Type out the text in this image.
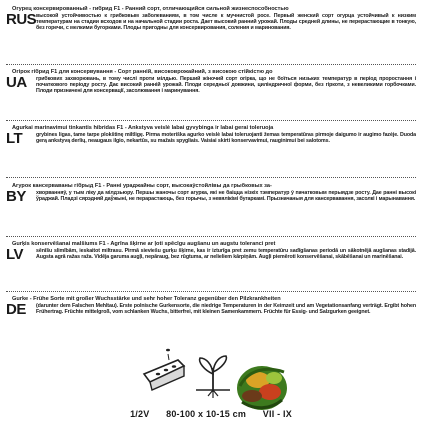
Огурец консервированный - гибрид F1 - Ранний сорт, отличающийся сильной жизнеспособностью
RUS высокой устойчивостью к грибковым заболеваниям, в том числе к мучнистой росе. Первый женский сорт огурца устойчивый к низким температурам на стадии всходов и на начальной стадии роста. Дает высокий ранний урожай. Плоды средней длины, не перерастающие в тонкую, без горечи, с мелкими бугорками. Плоды пригодны для консервирования, соления и маринования.
Огірок гібрид F1 для консервування - Сорт ранній, високоврожайний, з високою стійкістю до
UA	грибкових захворювань, в тому числі проти мілдью. Перший жіночий сорт огірка, що не боїться низьких температур в період проростання і початкового періоду росту. Дає високий ранній урожай. Плоди середньої довжини, циліндричної форми, без гіркоти, з невеликими горбочками. Плоди призначені для консервації, засолювання і маринування.
Agurkai marinavimui tinkantis hibridas F1 - Ankstyva veislė labai gyvybinga ir labai gerai toleruoja
LT	grybines ligas, tame tarpe plokštinę miltligę. Pirma moteriška agurko veislė labai toleruojanti žemas temperatūras pirmoje daigumo ir augimo fazėje. Duoda gerą ankstyvą derlių, neaugaus ilgio, nekartūs, su mažais spygliais. Vaisiai skirti konservavimui, rauginimui bei salotoms.
Агурок кансерваваны гібрыд F1 - Ранні ураджайны сорт, высокаўстойлівы да грыбковых за-
BY	хворванняў, у тым ліку да мілдзьюру. Першы жаночы сорт агурка, які не баіцца нізкіх тэмператур ў пачатковым перыядзе росту. Дае ранні высокі ўраджай. Пладзі сярэдняй даўжыні, не перарастаюць, без горычы, з невялікімі бугаркамі. Прызначаныя для кансервавання, засолкі і марынавання.
Gurķis konservēšanai malšiums F1 - Agrīna šķirne ar ļoti spēcīgu augšanu un augstu toleranci pret
LV	sēnīšu slimībām, ieskaitot miltrasu. Pirmā sieviešu gurķu šķirne, kas ir izturīga pret zemu temperatūru sadīgšanas periodā un sākotnējā augšanas stadijā. Augsta agrā ražas raža. Vidēja garuma augļi, nepāraug, bez rūgtuma, ar nelieliem kārpiņām. Augļi piemēroti konservēšanai, skābēšanai un marinēšanai.
Gurke - Frühe Sorte mit großer Wuchsstärke und sehr hoher Toleranz gegenüber den Pilzkrankheiten
DE	(darunter dem Falschen Mehltau). Erste polnische Gurkensorte, die niedrige Temperaturen in der Keimzeit und am Vegetationsanfang verträgt. Ergibt hohen Frühertrag. Früchte mittelgroß, vom schlanken Wuchs, bitterfrei, mit kleinen Samenkammern. Früchte für Essig- und Salzgurken geeignet.
1/2V 80-100 x 10-15 cm VII - IX
